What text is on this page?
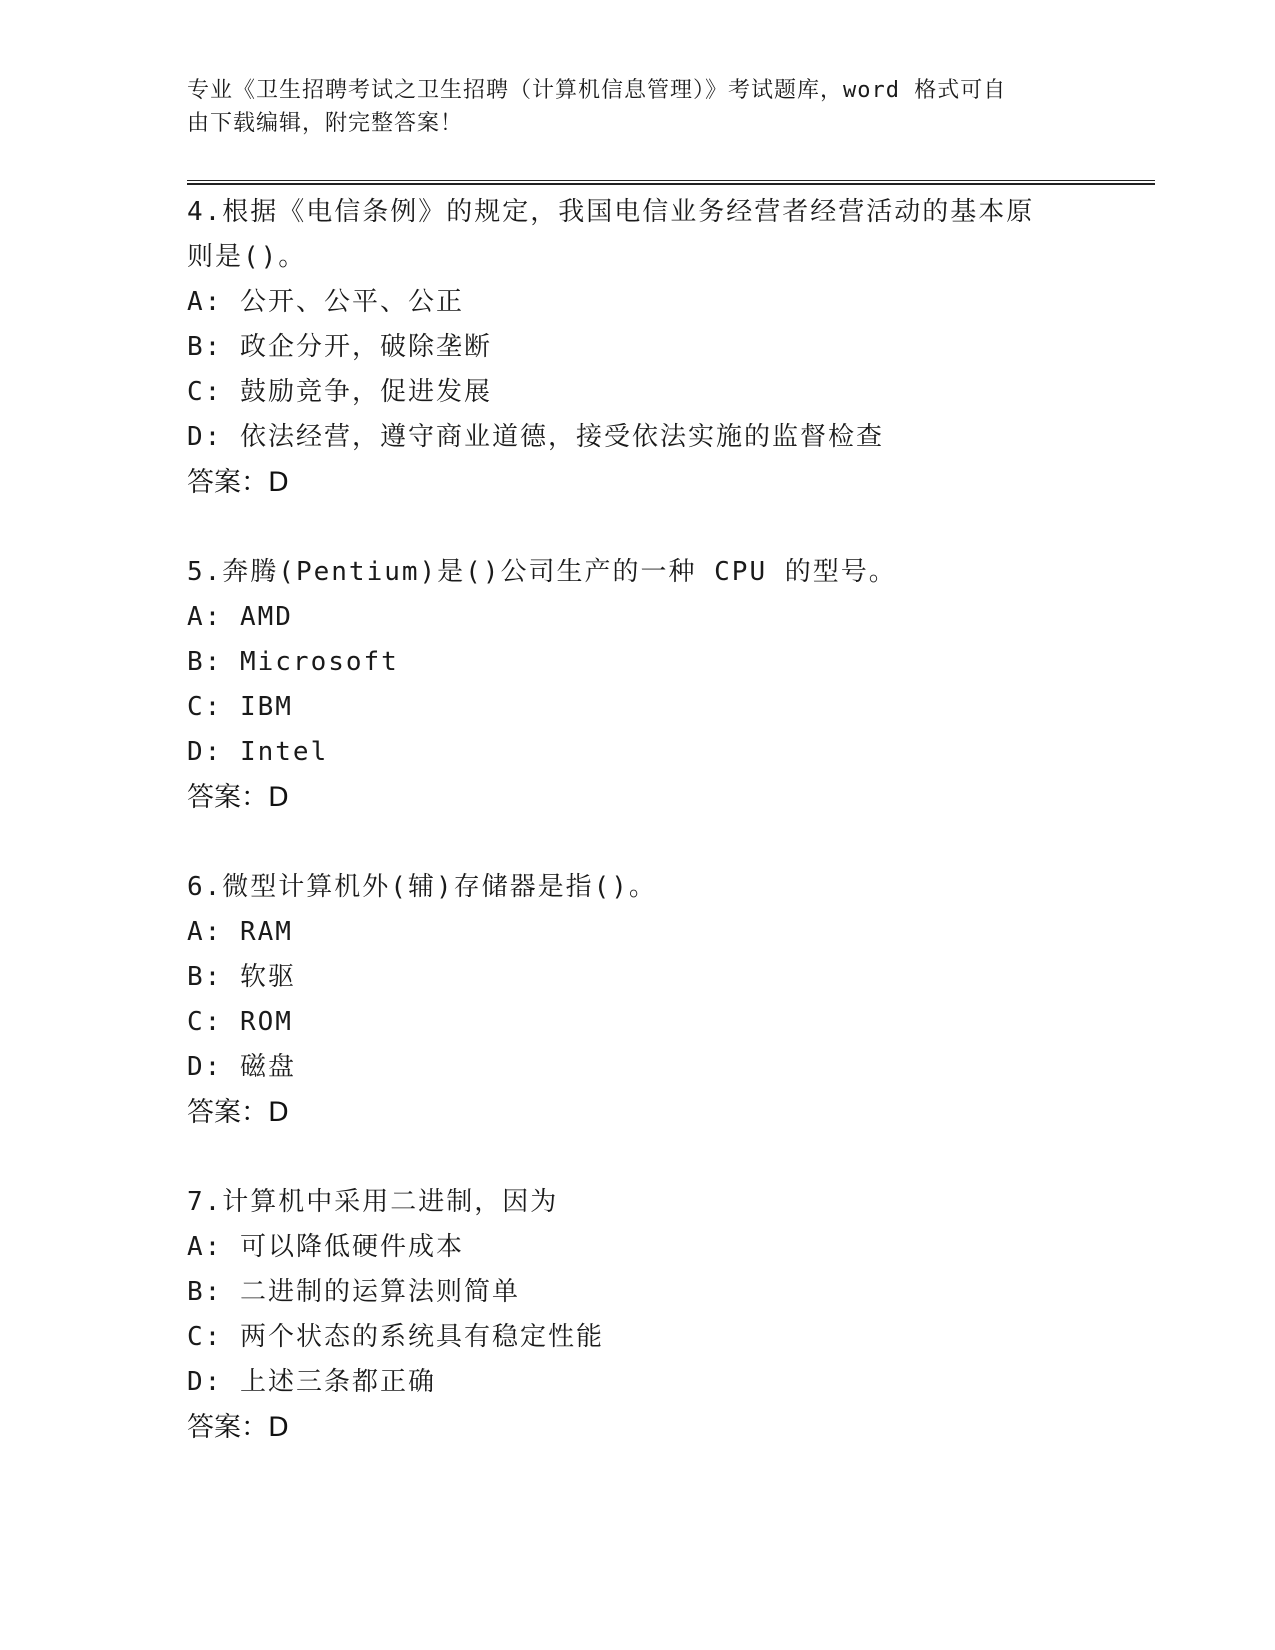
专业《卫生招聘考试之卫生招聘（计算机信息管理）》考试题库，word 格式可自
由下载编辑，附完整答案！
4.根据《电信条例》的规定，我国电信业务经营者经营活动的基本原
则是()。
A: 公开、公平、公正
B: 政企分开，破除垄断
C: 鼓励竞争，促进发展
D: 依法经营，遵守商业道德，接受依法实施的监督检查
答案：D
5.奔腾(Pentium)是()公司生产的一种 CPU 的型号。
A: AMD
B: Microsoft
C: IBM
D: Intel
答案：D
6.微型计算机外(辅)存储器是指()。
A: RAM
B: 软驱
C: ROM
D: 磁盘
答案：D
7.计算机中采用二进制，因为
A: 可以降低硬件成本
B: 二进制的运算法则简单
C: 两个状态的系统具有稳定性能
D: 上述三条都正确
答案：D
